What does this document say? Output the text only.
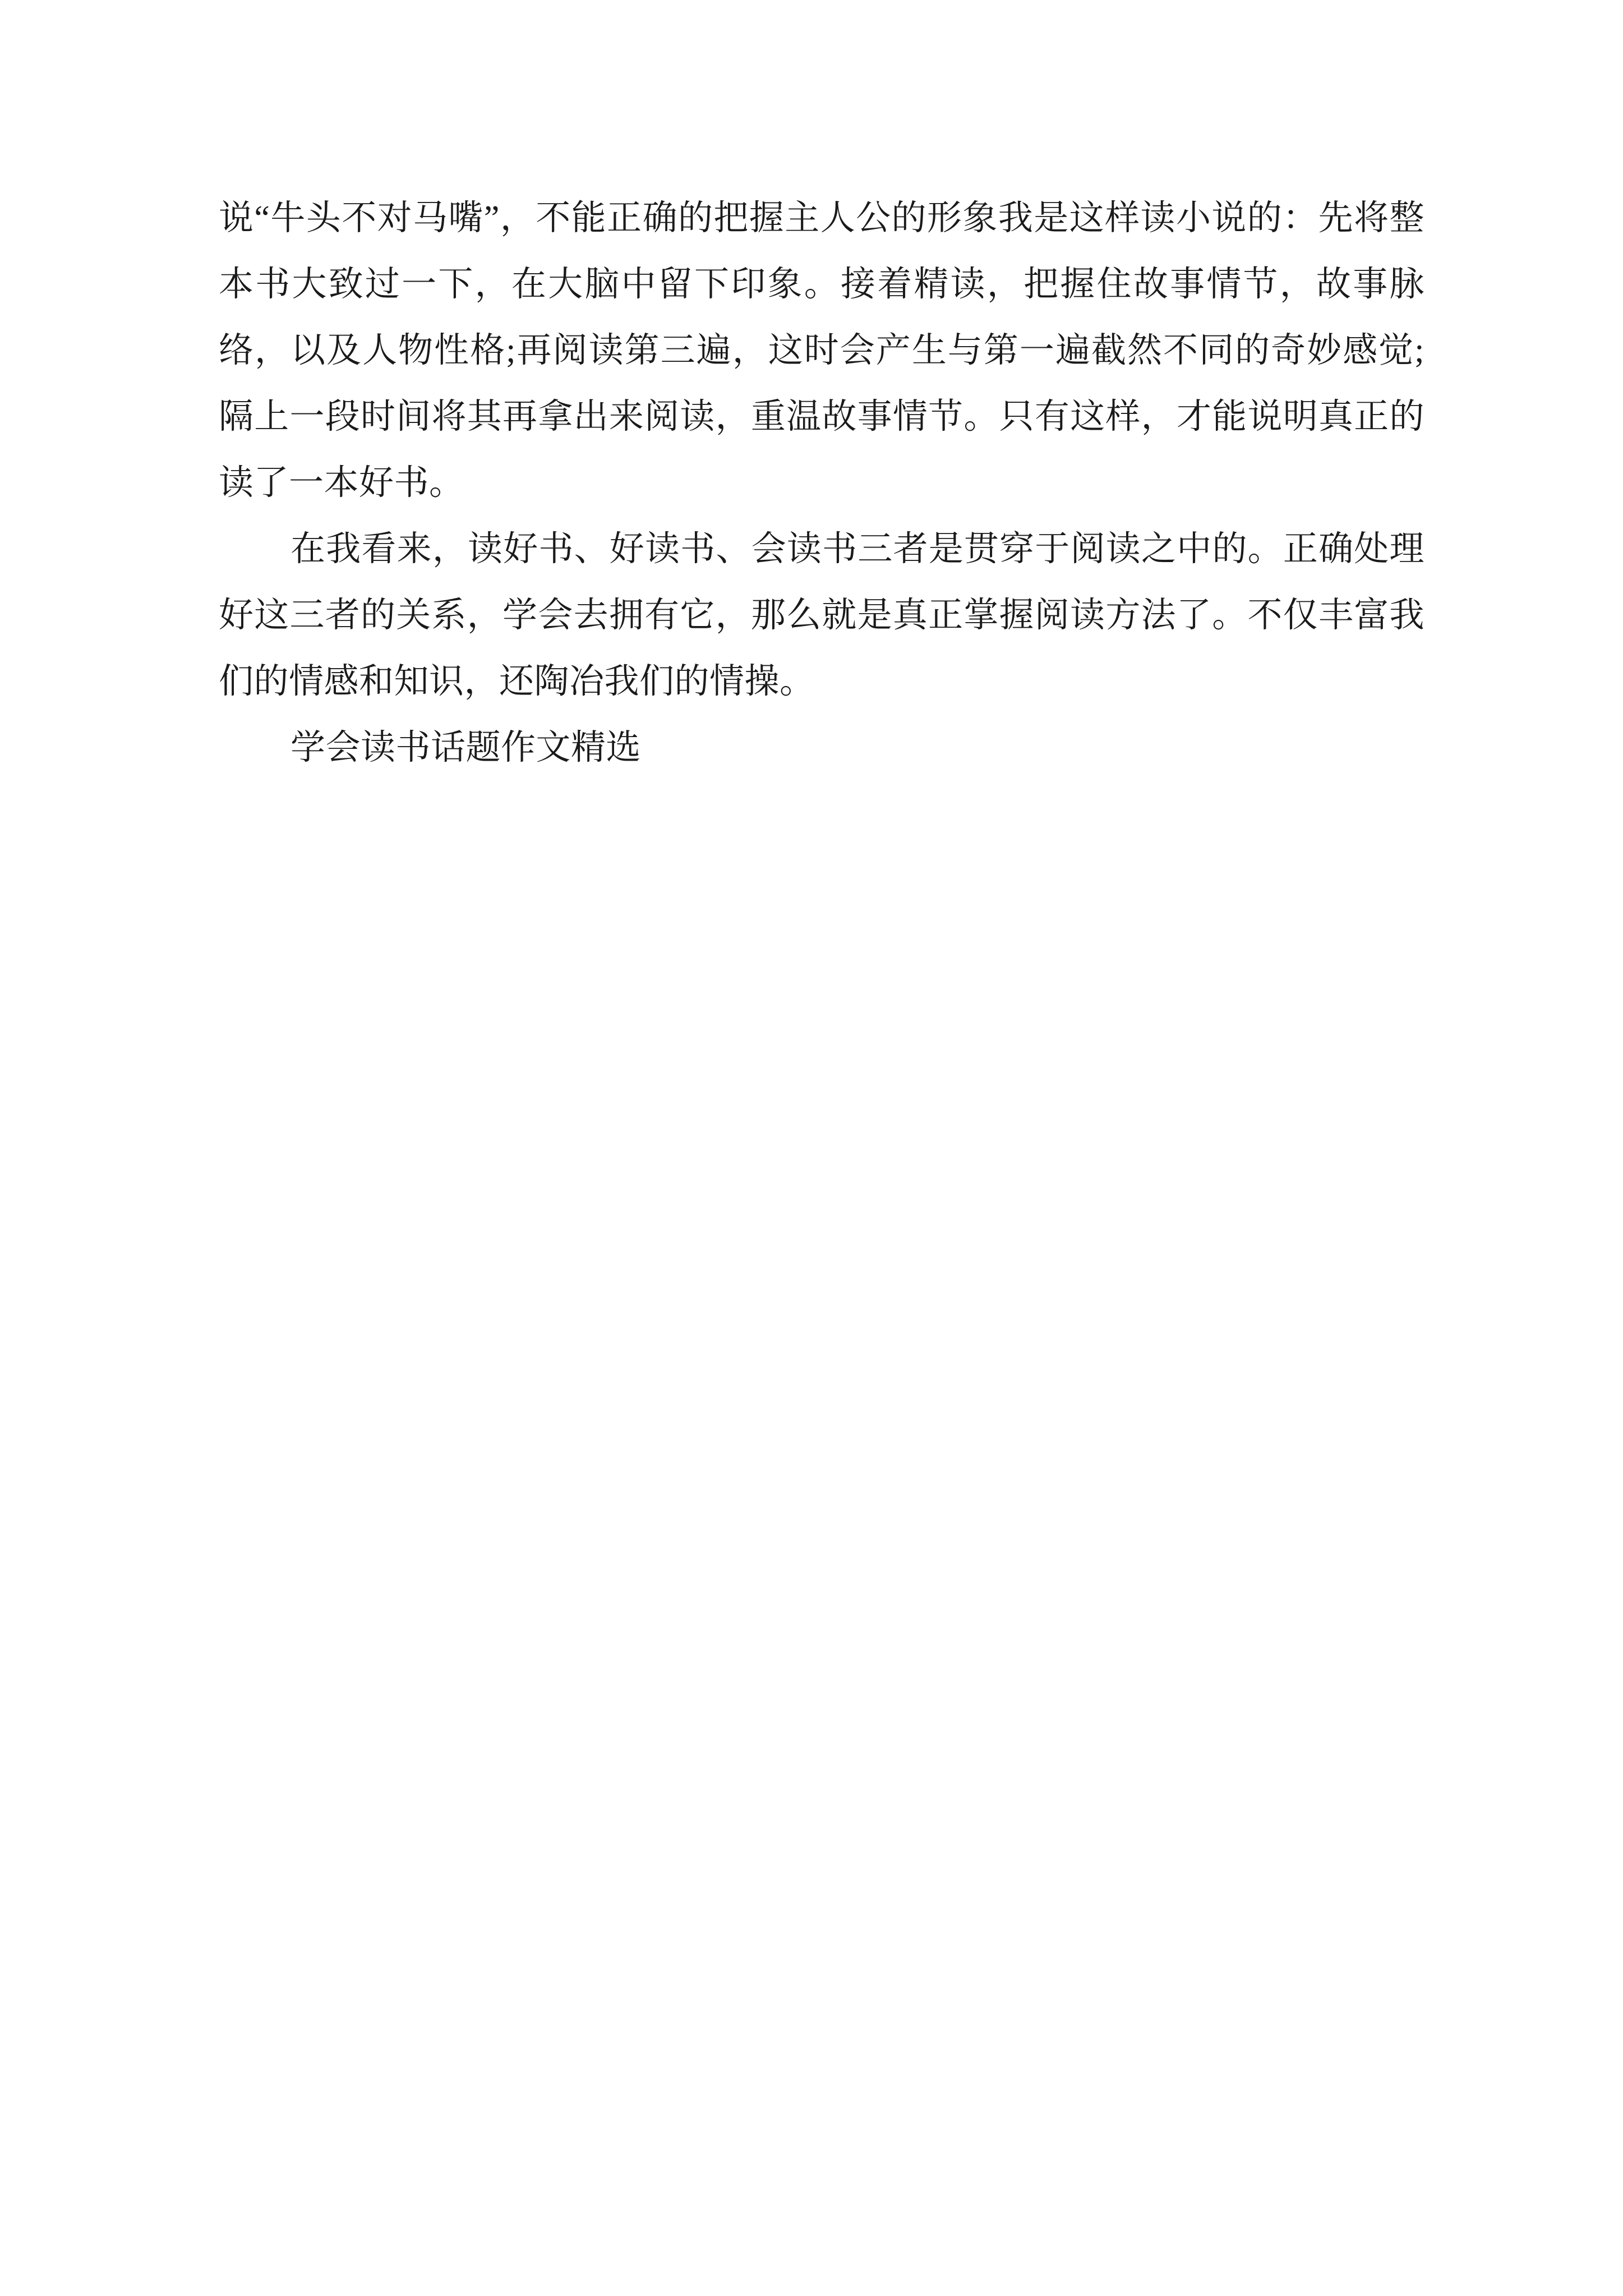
说“牛头不对马嘴”，不能正确的把握主人公的形象我是这样读小说的：先将整本书大致过一下，在大脑中留下印象。接着精读，把握住故事情节，故事脉络，以及人物性格;再阅读第三遍，这时会产生与第一遍截然不同的奇妙感觉;隔上一段时间将其再拿出来阅读，重温故事情节。只有这样，才能说明真正的读了一本好书。

在我看来，读好书、好读书、会读书三者是贯穿于阅读之中的。正确处理好这三者的关系，学会去拥有它，那么就是真正掌握阅读方法了。不仅丰富我们的情感和知识，还陶冶我们的情操。

学会读书话题作文精选
